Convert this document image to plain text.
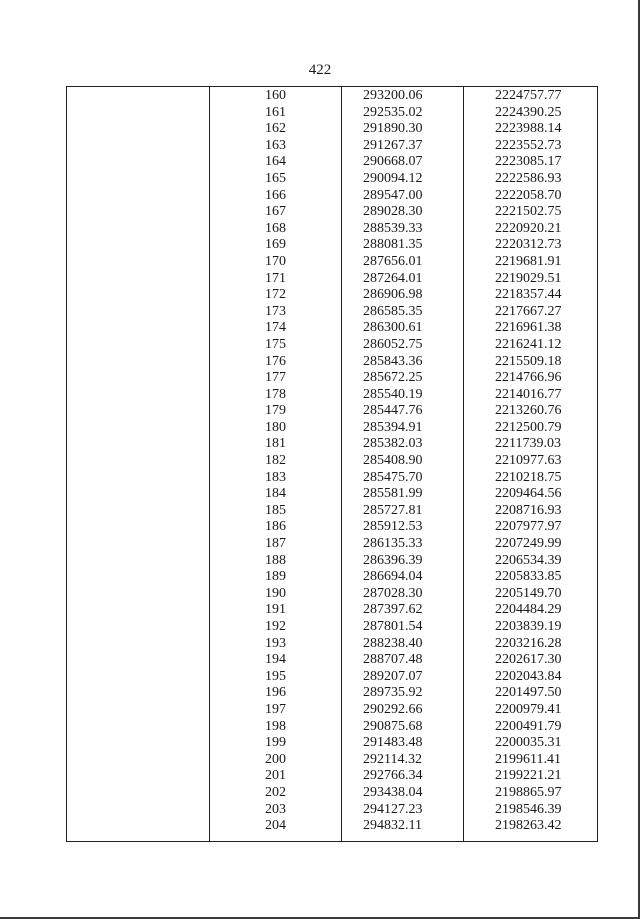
422
160	293200.06	2224757.77
161	292535.02	2224390.25
162	291890.30	2223988.14
163	291267.37	2223552.73
164	290668.07	2223085.17
165	290094.12	2222586.93
166	289547.00	2222058.70
167	289028.30	2221502.75
168	288539.33	2220920.21
169	288081.35	2220312.73
170	287656.01	2219681.91
171	287264.01	2219029.51
172	286906.98	2218357.44
173	286585.35	2217667.27
174	286300.61	2216961.38
175	286052.75	2216241.12
176	285843.36	2215509.18
177	285672.25	2214766.96
178	285540.19	2214016.77
179	285447.76	2213260.76
180	285394.91	2212500.79
181	285382.03	2211739.03
182	285408.90	2210977.63
183	285475.70	2210218.75
184	285581.99	2209464.56
185	285727.81	2208716.93
186	285912.53	2207977.97
187	286135.33	2207249.99
188	286396.39	2206534.39
189	286694.04	2205833.85
190	287028.30	2205149.70
191	287397.62	2204484.29
192	287801.54	2203839.19
193	288238.40	2203216.28
194	288707.48	2202617.30
195	289207.07	2202043.84
196	289735.92	2201497.50
197	290292.66	2200979.41
198	290875.68	2200491.79
199	291483.48	2200035.31
200	292114.32	2199611.41
201	292766.34	2199221.21
202	293438.04	2198865.97
203	294127.23	2198546.39
204	294832.11	2198263.42
